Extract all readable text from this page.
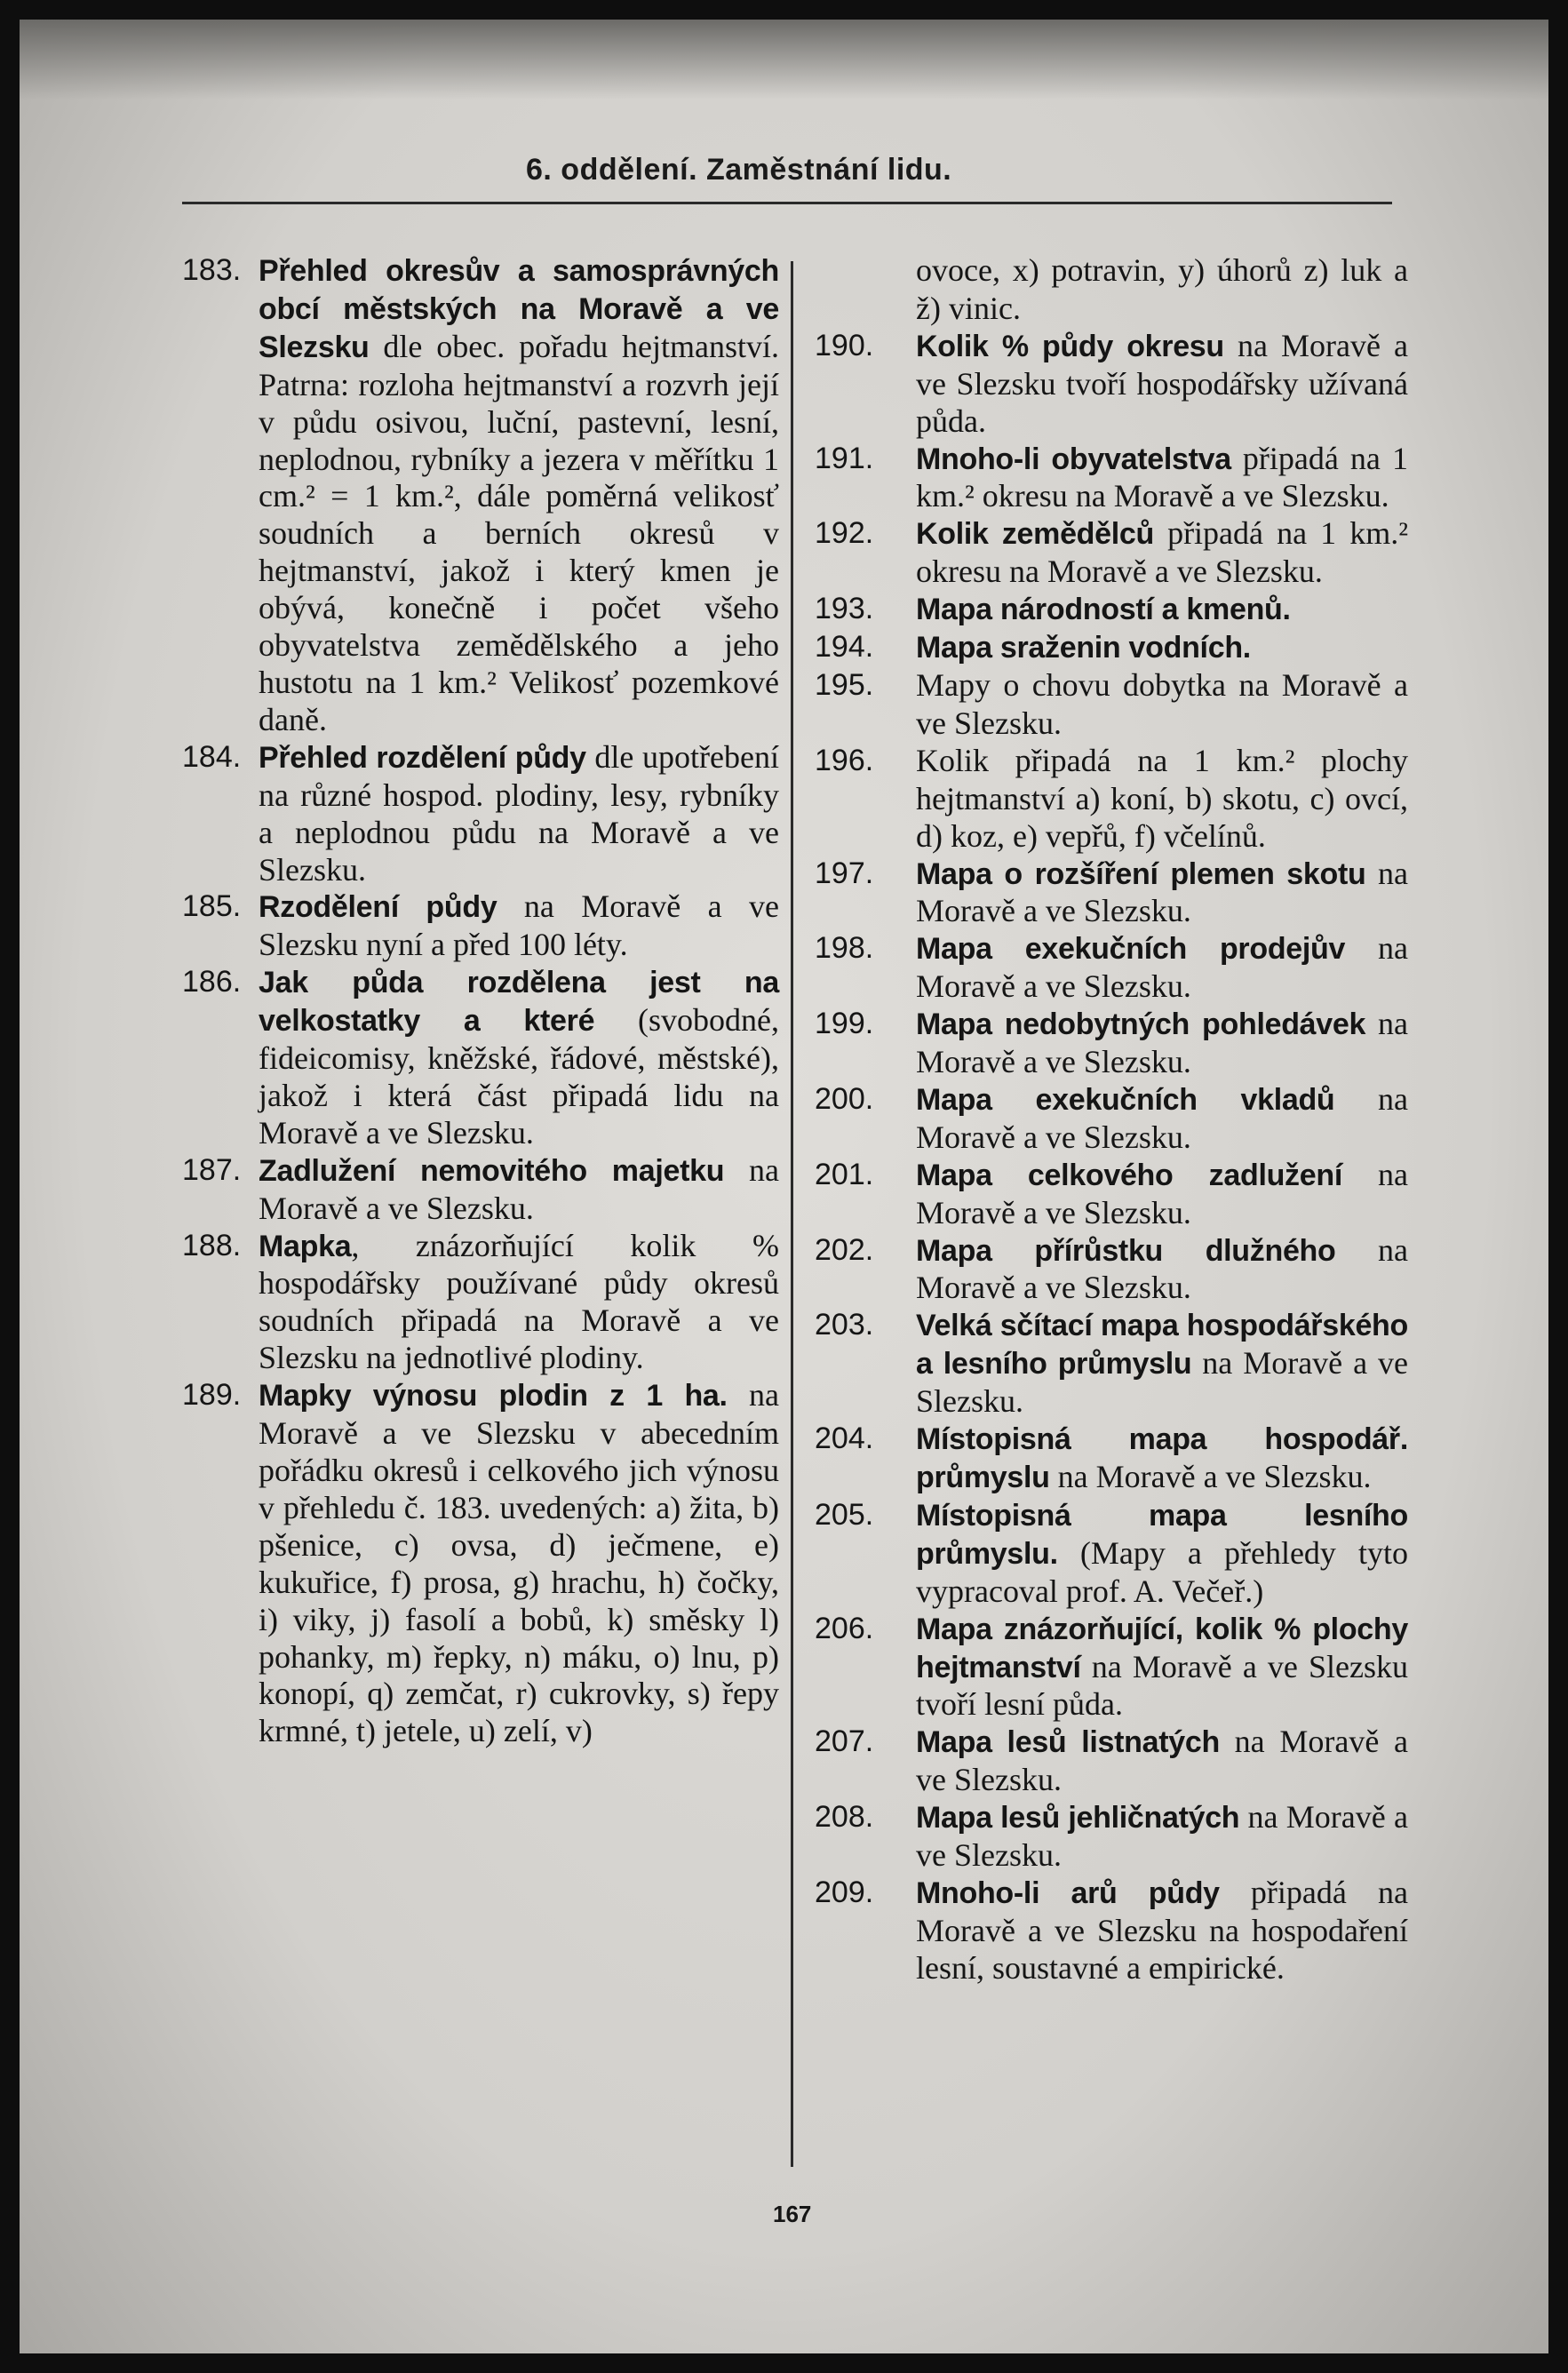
6. oddělení. Zaměstnání lidu.
183. Přehled okresův a samosprávných obcí městských na Moravě a ve Slezsku dle obec. pořadu hejtmanství. Patrna: rozloha hejtmanství a rozvrh její v půdu osivou, luční, pastevní, lesní, neplodnou, rybníky a jezera v měřítku 1 cm.² = 1 km.², dále poměrná velikosť soudních a berních okresů v hejtmanství, jakož i který kmen je obývá, konečně i počet všeho obyvatelstva zemědělského a jeho hustotu na 1 km.² Velikosť pozemkové daně.
184. Přehled rozdělení půdy dle upotřebení na různé hospod. plodiny, lesy, rybníky a neplodnou půdu na Moravě a ve Slezsku.
185. Rzodělení půdy na Moravě a ve Slezsku nyní a před 100 léty.
186. Jak půda rozdělena jest na velkostatky a které (svobodné, fideicomisy, kněžské, řádové, městské), jakož i která část připadá lidu na Moravě a ve Slezsku.
187. Zadlužení nemovitého majetku na Moravě a ve Slezsku.
188. Mapka, znázorňující kolik % hospodářsky používané půdy okresů soudních připadá na Moravě a ve Slezsku na jednotlivé plodiny.
189. Mapky výnosu plodin z 1 ha. na Moravě a ve Slezsku v abecedním pořádku okresů i celkového jich výnosu v přehledu č. 183. uvedených: a) žita, b) pšenice, c) ovsa, d) ječmene, e) kukuřice, f) prosa, g) hrachu, h) čočky, i) viky, j) fasolí a bobů, k) směsky l) pohanky, m) řepky, n) máku, o) lnu, p) konopí, q) zemčat, r) cukrovky, s) řepy krmné, t) jetele, u) zelí, v)
ovoce, x) potravin, y) úhorů z) luk a ž) vinic.
190. Kolik % půdy okresu na Moravě a ve Slezsku tvoří hospodářsky užívaná půda.
191. Mnoho-li obyvatelstva připadá na 1 km.² okresu na Moravě a ve Slezsku.
192. Kolik zemědělců připadá na 1 km.² okresu na Moravě a ve Slezsku.
193. Mapa národností a kmenů.
194. Mapa sraženin vodních.
195. Mapy o chovu dobytka na Moravě a ve Slezsku.
196. Kolik připadá na 1 km.² plochy hejtmanství a) koní, b) skotu, c) ovcí, d) koz, e) vepřů, f) včelínů.
197. Mapa o rozšíření plemen skotu na Moravě a ve Slezsku.
198. Mapa exekučních prodejův na Moravě a ve Slezsku.
199. Mapa nedobytných pohledávek na Moravě a ve Slezsku.
200. Mapa exekučních vkladů na Moravě a ve Slezsku.
201. Mapa celkového zadlužení na Moravě a ve Slezsku.
202. Mapa přírůstku dlužného na Moravě a ve Slezsku.
203. Velká sčítací mapa hospodářského a lesního průmyslu na Moravě a ve Slezsku.
204. Místopisná mapa hospodář. průmyslu na Moravě a ve Slezsku.
205. Místopisná mapa lesního průmyslu. (Mapy a přehledy tyto vypracoval prof. A. Večeř.)
206. Mapa znázorňující, kolik % plochy hejtmanství na Moravě a ve Slezsku tvoří lesní půda.
207. Mapa lesů listnatých na Moravě a ve Slezsku.
208. Mapa lesů jehličnatých na Moravě a ve Slezsku.
209. Mnoho-li arů půdy připadá na Moravě a ve Slezsku na hospodaření lesní, soustavné a empirické.
167
